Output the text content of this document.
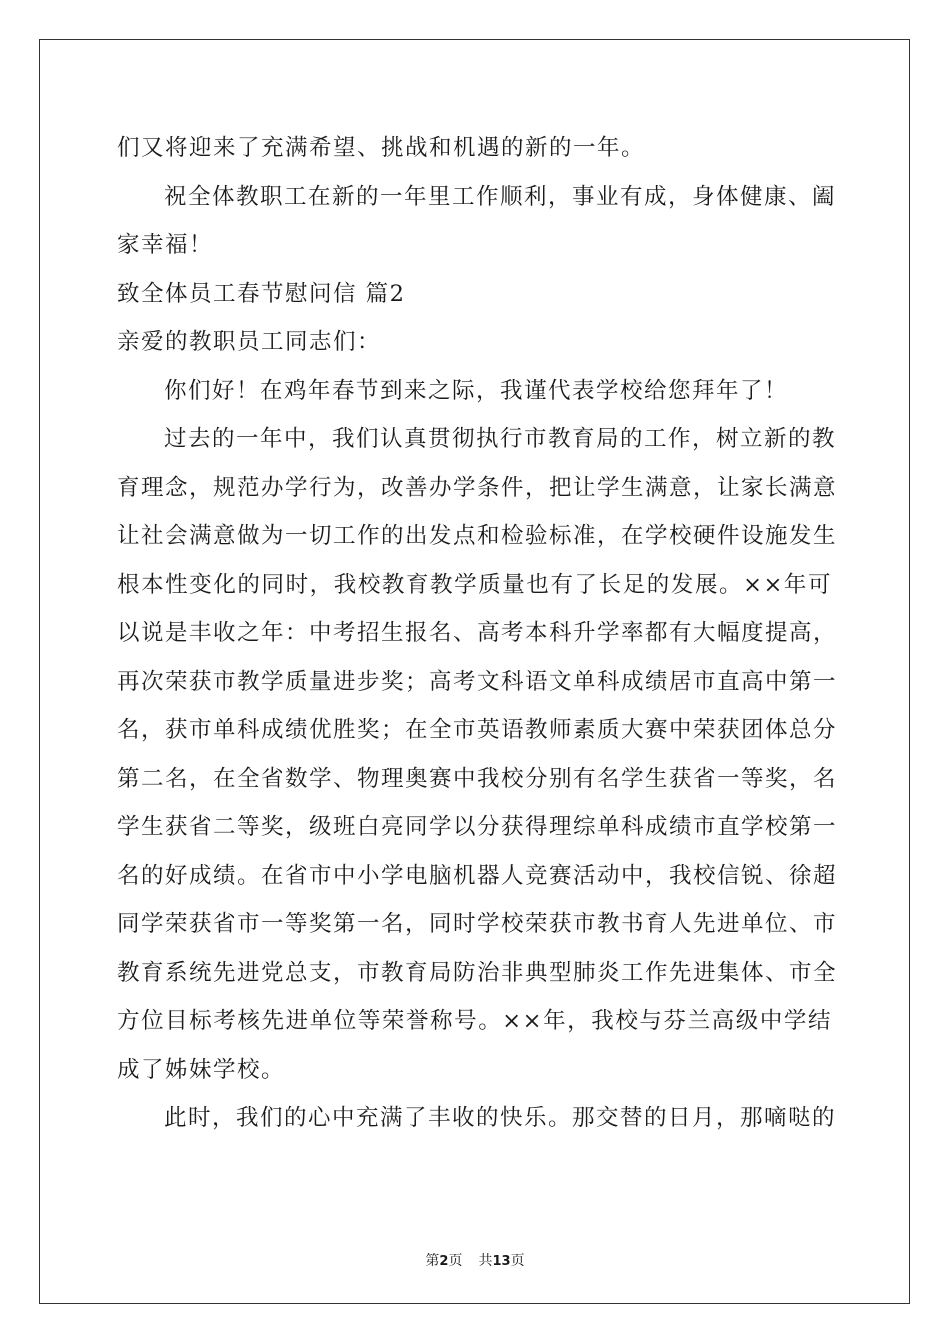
们又将迎来了充满希望、挑战和机遇的新的一年。
祝全体教职工在新的一年里工作顺利，事业有成，身体健康、阖
家幸福！
致全体员工春节慰问信 篇2
亲爱的教职员工同志们：
你们好！在鸡年春节到来之际，我谨代表学校给您拜年了！
过去的一年中，我们认真贯彻执行市教育局的工作，树立新的教
育理念，规范办学行为，改善办学条件，把让学生满意，让家长满意
让社会满意做为一切工作的出发点和检验标准，在学校硬件设施发生
根本性变化的同时，我校教育教学质量也有了长足的发展。××年可
以说是丰收之年：中考招生报名、高考本科升学率都有大幅度提高，
再次荣获市教学质量进步奖；高考文科语文单科成绩居市直高中第一
名，获市单科成绩优胜奖；在全市英语教师素质大赛中荣获团体总分
第二名，在全省数学、物理奥赛中我校分别有名学生获省一等奖，名
学生获省二等奖，级班白亮同学以分获得理综单科成绩市直学校第一
名的好成绩。在省市中小学电脑机器人竞赛活动中，我校信锐、徐超
同学荣获省市一等奖第一名，同时学校荣获市教书育人先进单位、市
教育系统先进党总支，市教育局防治非典型肺炎工作先进集体、市全
方位目标考核先进单位等荣誉称号。××年，我校与芬兰高级中学结
成了姊妹学校。
此时，我们的心中充满了丰收的快乐。那交替的日月，那嘀哒的
第2页 共13页
